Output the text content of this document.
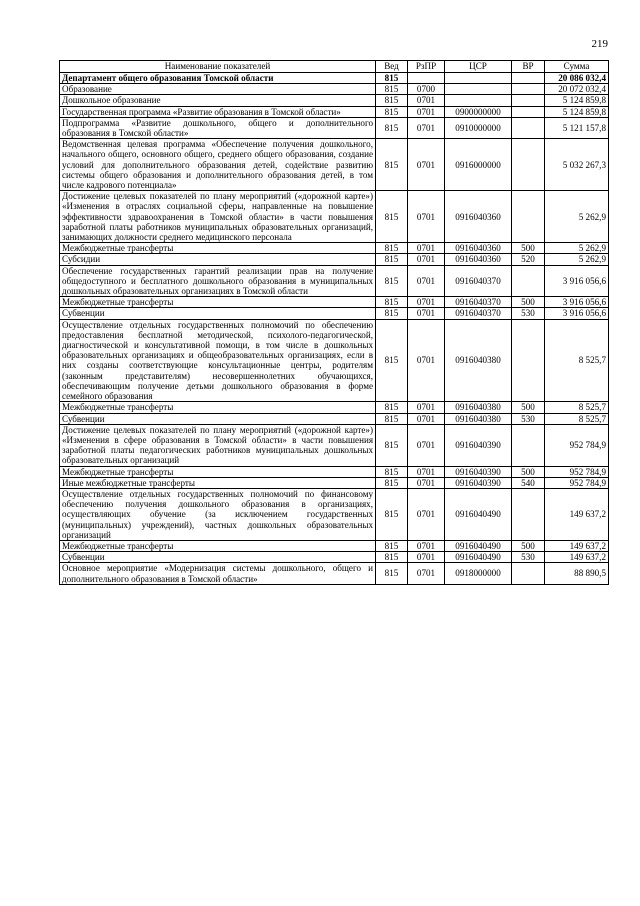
219
Наименование показателей	Вед	РзПР	ЦСР	ВР	Сумма
Департамент общего образования Томской области	815				20 086 032,4
Образование	815	0700			20 072 032,4
Дошкольное образование	815	0701			5 124 859,8
Государственная программа «Развитие образования в Томской области»	815	0701	0900000000		5 124 859,8
Подпрограмма «Развитие дошкольного, общего и дополнительного образования в Томской области»	815	0701	0910000000		5 121 157,8
Ведомственная целевая программа «Обеспечение получения дошкольного, начального общего, основного общего, среднего общего образования, создание условий для дополнительного образования детей, содействие развитию системы общего образования и дополнительного образования детей, в том числе кадрового потенциала»	815	0701	0916000000		5 032 267,3
Достижение целевых показателей по плану мероприятий («дорожной карте») «Изменения в отраслях социальной сферы, направленные на повышение эффективности здравоохранения в Томской области» в части повышения заработной платы работников муниципальных образовательных организаций, занимающих должности среднего медицинского персонала	815	0701	0916040360		5 262,9
Межбюджетные трансферты	815	0701	0916040360	500	5 262,9
Субсидии	815	0701	0916040360	520	5 262,9
Обеспечение государственных гарантий реализации прав на получение общедоступного и бесплатного дошкольного образования в муниципальных дошкольных образовательных организациях в Томской области	815	0701	0916040370		3 916 056,6
Межбюджетные трансферты	815	0701	0916040370	500	3 916 056,6
Субвенции	815	0701	0916040370	530	3 916 056,6
Осуществление отдельных государственных полномочий по обеспечению предоставления бесплатной методической, психолого-педагогической, диагностической и консультативной помощи, в том числе в дошкольных образовательных организациях и общеобразовательных организациях, если в них созданы соответствующие консультационные центры, родителям (законным представителям) несовершеннолетних обучающихся, обеспечивающим получение детьми дошкольного образования в форме семейного образования	815	0701	0916040380		8 525,7
Межбюджетные трансферты	815	0701	0916040380	500	8 525,7
Субвенции	815	0701	0916040380	530	8 525,7
Достижение целевых показателей по плану мероприятий («дорожной карте») «Изменения в сфере образования в Томской области» в части повышения заработной платы педагогических работников муниципальных дошкольных образовательных организаций	815	0701	0916040390		952 784,9
Межбюджетные трансферты	815	0701	0916040390	500	952 784,9
Иные межбюджетные трансферты	815	0701	0916040390	540	952 784,9
Осуществление отдельных государственных полномочий по финансовому обеспечению получения дошкольного образования в организациях, осуществляющих обучение (за исключением государственных (муниципальных) учреждений), частных дошкольных образовательных организаций	815	0701	0916040490		149 637,2
Межбюджетные трансферты	815	0701	0916040490	500	149 637,2
Субвенции	815	0701	0916040490	530	149 637,2
Основное мероприятие «Модернизация системы дошкольного, общего и дополнительного образования в Томской области»	815	0701	0918000000		88 890,5
